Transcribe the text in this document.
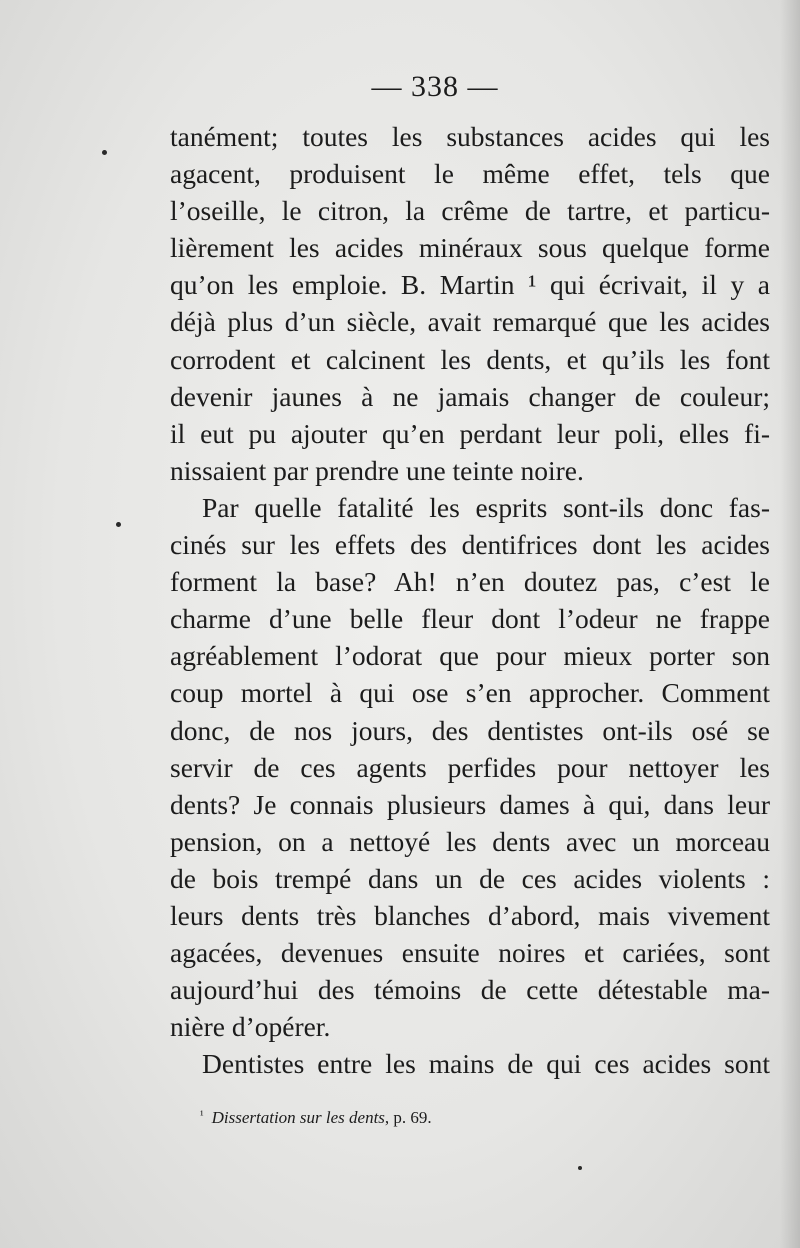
— 338 —
tanément; toutes les substances acides qui les
agacent, produisent le même effet, tels que
l’oseille, le citron, la crême de tartre, et particu-
lièrement les acides minéraux sous quelque forme
qu’on les emploie. B. Martin ¹ qui écrivait, il y a
déjà plus d’un siècle, avait remarqué que les acides
corrodent et calcinent les dents, et qu’ils les font
devenir jaunes à ne jamais changer de couleur;
il eut pu ajouter qu’en perdant leur poli, elles fi-
nissaient par prendre une teinte noire.
Par quelle fatalité les esprits sont-ils donc fas-
cinés sur les effets des dentifrices dont les acides
forment la base? Ah! n’en doutez pas, c’est le
charme d’une belle fleur dont l’odeur ne frappe
agréablement l’odorat que pour mieux porter son
coup mortel à qui ose s’en approcher. Comment
donc, de nos jours, des dentistes ont-ils osé se
servir de ces agents perfides pour nettoyer les
dents? Je connais plusieurs dames à qui, dans leur
pension, on a nettoyé les dents avec un morceau
de bois trempé dans un de ces acides violents :
leurs dents très blanches d’abord, mais vivement
agacées, devenues ensuite noires et cariées, sont
aujourd’hui des témoins de cette détestable ma-
nière d’opérer.
Dentistes entre les mains de qui ces acides sont
$^{^1}$ Dissertation sur les dents, p. 69.
